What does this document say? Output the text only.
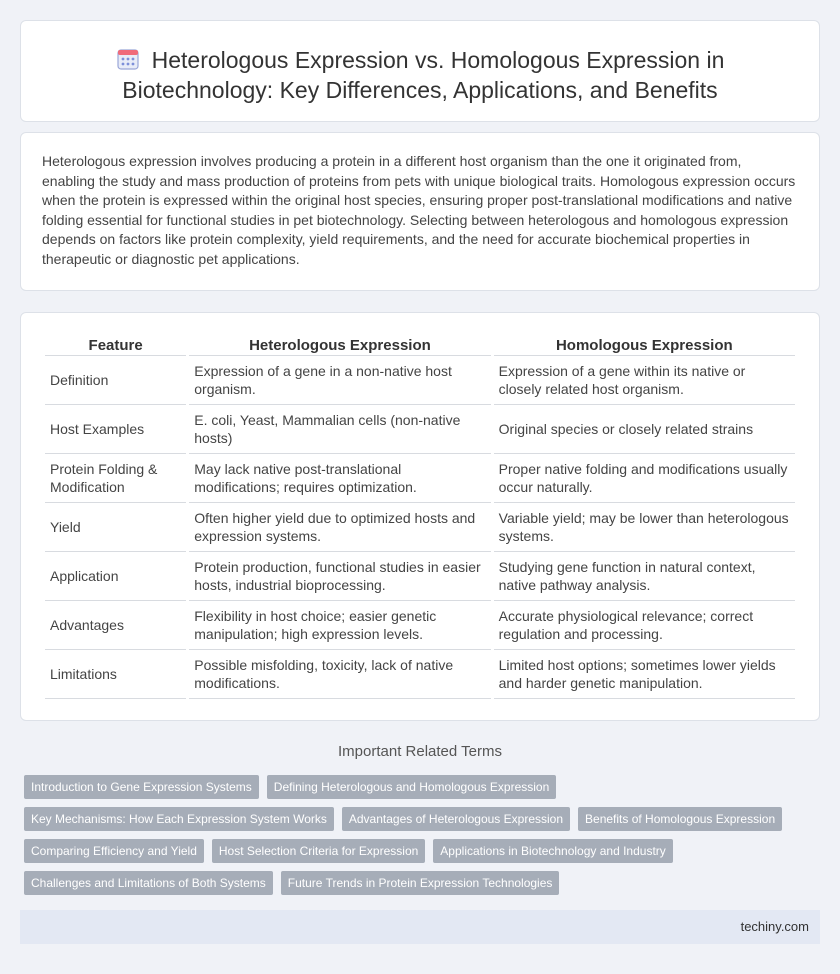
Heterologous Expression vs. Homologous Expression in Biotechnology: Key Differences, Applications, and Benefits

Heterologous expression involves producing a protein in a different host organism than the one it originated from, enabling the study and mass production of proteins from pets with unique biological traits. Homologous expression occurs when the protein is expressed within the original host species, ensuring proper post-translational modifications and native folding essential for functional studies in pet biotechnology. Selecting between heterologous and homologous expression depends on factors like protein complexity, yield requirements, and the need for accurate biochemical properties in therapeutic or diagnostic pet applications.

Feature	Heterologous Expression	Homologous Expression
Definition	Expression of a gene in a non-native host organism.	Expression of a gene within its native or closely related host organism.
Host Examples	E. coli, Yeast, Mammalian cells (non-native hosts)	Original species or closely related strains
Protein Folding & Modification	May lack native post-translational modifications; requires optimization.	Proper native folding and modifications usually occur naturally.
Yield	Often higher yield due to optimized hosts and expression systems.	Variable yield; may be lower than heterologous systems.
Application	Protein production, functional studies in easier hosts, industrial bioprocessing.	Studying gene function in natural context, native pathway analysis.
Advantages	Flexibility in host choice; easier genetic manipulation; high expression levels.	Accurate physiological relevance; correct regulation and processing.
Limitations	Possible misfolding, toxicity, lack of native modifications.	Limited host options; sometimes lower yields and harder genetic manipulation.
Important Related Terms
Introduction to Gene Expression Systems	Defining Heterologous and Homologous Expression
Key Mechanisms: How Each Expression System Works	Advantages of Heterologous Expression	Benefits of Homologous Expression
Comparing Efficiency and Yield	Host Selection Criteria for Expression	Applications in Biotechnology and Industry
Challenges and Limitations of Both Systems	Future Trends in Protein Expression Technologies
techiny.com
